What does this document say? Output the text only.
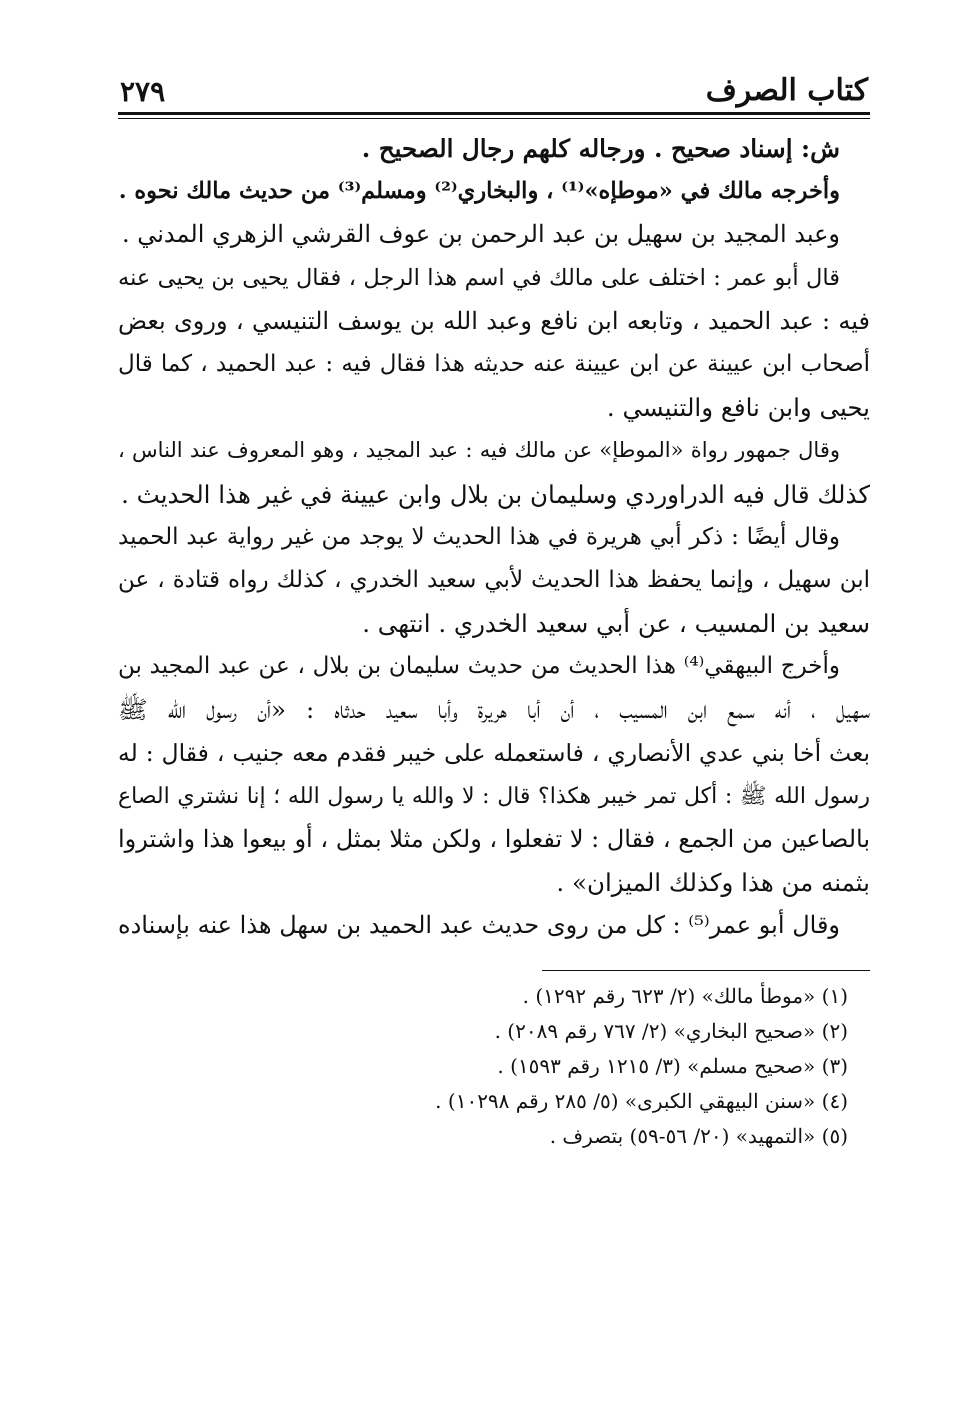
كتاب الصرف
٢٧٩
ش: إسناد صحيح . ورجاله كلهم رجال الصحيح .
وأخرجه مالك في «موطإه»⁽¹⁾ ، والبخاري⁽²⁾ ومسلم⁽³⁾ من حديث مالك نحوه .
وعبد المجيد بن سهيل بن عبد الرحمن بن عوف القرشي الزهري المدني .
قال أبو عمر : اختلف على مالك في اسم هذا الرجل ، فقال يحيى بن يحيى عنه
فيه : عبد الحميد ، وتابعه ابن نافع وعبد الله بن يوسف التنيسي ، وروى بعض
أصحاب ابن عيينة عن ابن عيينة عنه حديثه هذا فقال فيه : عبد الحميد ، كما قال
يحيى وابن نافع والتنيسي .
وقال جمهور رواة «الموطإ» عن مالك فيه : عبد المجيد ، وهو المعروف عند الناس ،
كذلك قال فيه الدراوردي وسليمان بن بلال وابن عيينة في غير هذا الحديث .
وقال أيضًا : ذكر أبي هريرة في هذا الحديث لا يوجد من غير رواية عبد الحميد
ابن سهيل ، وإنما يحفظ هذا الحديث لأبي سعيد الخدري ، كذلك رواه قتادة ، عن
سعيد بن المسيب ، عن أبي سعيد الخدري . انتهى .
وأخرج البيهقي⁽⁴⁾ هذا الحديث من حديث سليمان بن بلال ، عن عبد المجيد بن
سهيل ، أنه سمع ابن المسيب ، أن أبا هريرة وأبا سعيد حدثاه : «أن رسول الله ﷺ
بعث أخا بني عدي الأنصاري ، فاستعمله على خيبر فقدم معه جنيب ، فقال : له
رسول الله ﷺ : أكل تمر خيبر هكذا؟ قال : لا والله يا رسول الله ؛ إنا نشتري الصاع
بالصاعين من الجمع ، فقال : لا تفعلوا ، ولكن مثلا بمثل ، أو بيعوا هذا واشتروا
بثمنه من هذا وكذلك الميزان» .
وقال أبو عمر⁽⁵⁾ : كل من روى حديث عبد الحميد بن سهل هذا عنه بإسناده
(١) «موطأ مالك» (٢/ ٦٢٣ رقم ١٢٩٢) .
(٢) «صحيح البخاري» (٢/ ٧٦٧ رقم ٢٠٨٩) .
(٣) «صحيح مسلم» (٣/ ١٢١٥ رقم ١٥٩٣) .
(٤) «سنن البيهقي الكبرى» (٥/ ٢٨٥ رقم ١٠٢٩٨) .
(٥) «التمهيد» (٢٠/ ٥٦-٥٩) بتصرف .
